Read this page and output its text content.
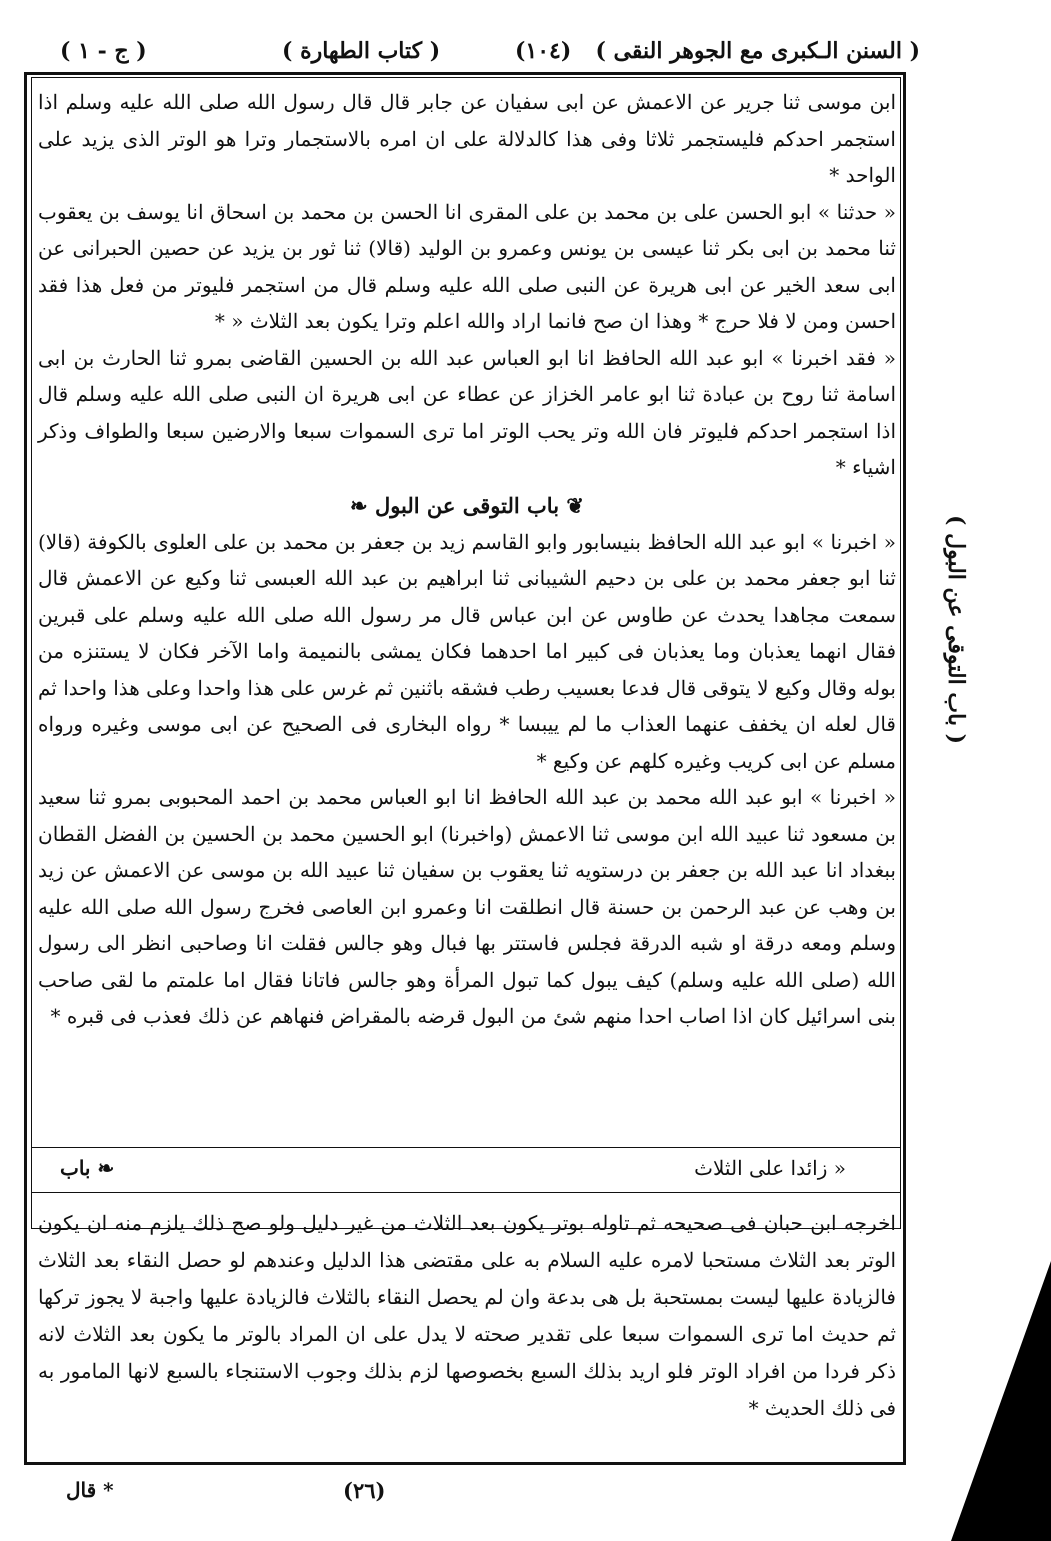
( السنن الـكبرى مع الجوهر النقى )
(١٠٤)
( كتاب الطهارة )
( ج - ١ )

ابن موسى ثنا جرير عن الاعمش عن ابى سفيان عن جابر قال قال رسول الله صلى الله عليه وسلم اذا استجمر احدكم فليستجمر ثلاثا وفى هذا كالدلالة على ان امره بالاستجمار وترا هو الوتر الذى يزيد على الواحد *

« حدثنا » ابو الحسن على بن محمد بن على المقرى انا الحسن بن محمد بن اسحاق انا يوسف بن يعقوب ثنا محمد بن ابى بكر ثنا عيسى بن يونس وعمرو بن الوليد (قالا) ثنا ثور بن يزيد عن حصين الحبرانى عن ابى سعد الخير عن ابى هريرة عن النبى صلى الله عليه وسلم قال من استجمر فليوتر من فعل هذا فقد احسن ومن لا فلا حرج * وهذا ان صح فانما اراد والله اعلم وترا يكون بعد الثلاث « *

« فقد اخبرنا » ابو عبد الله الحافظ انا ابو العباس عبد الله بن الحسين القاضى بمرو ثنا الحارث بن ابى اسامة ثنا روح بن عبادة ثنا ابو عامر الخزاز عن عطاء عن ابى هريرة ان النبى صلى الله عليه وسلم قال اذا استجمر احدكم فليوتر فان الله وتر يحب الوتر اما ترى السموات سبعا والارضين سبعا والطواف وذكر اشياء *

❦ باب التوقى عن البول ❧

« اخبرنا » ابو عبد الله الحافظ بنيسابور وابو القاسم زيد بن جعفر بن محمد بن على العلوى بالكوفة (قالا) ثنا ابو جعفر محمد بن على بن دحيم الشيبانى ثنا ابراهيم بن عبد الله العبسى ثنا وكيع عن الاعمش قال سمعت مجاهدا يحدث عن طاوس عن ابن عباس قال مر رسول الله صلى الله عليه وسلم على قبرين فقال انهما يعذبان وما يعذبان فى كبير اما احدهما فكان يمشى بالنميمة واما الآخر فكان لا يستنزه من بوله وقال وكيع لا يتوقى قال فدعا بعسيب رطب فشقه باثنين ثم غرس على هذا واحدا وعلى هذا واحدا ثم قال لعله ان يخفف عنهما العذاب ما لم ييبسا * رواه البخارى فى الصحيح عن ابى موسى وغيره ورواه مسلم عن ابى كريب وغيره كلهم عن وكيع *

« اخبرنا » ابو عبد الله محمد بن عبد الله الحافظ انا ابو العباس محمد بن احمد المحبوبى بمرو ثنا سعيد بن مسعود ثنا عبيد الله ابن موسى ثنا الاعمش (واخبرنا) ابو الحسين محمد بن الحسين بن الفضل القطان ببغداد انا عبد الله بن جعفر بن درستويه ثنا يعقوب بن سفيان ثنا عبيد الله بن موسى عن الاعمش عن زيد بن وهب عن عبد الرحمن بن حسنة قال انطلقت انا وعمرو ابن العاصى فخرج رسول الله صلى الله عليه وسلم ومعه درقة او شبه الدرقة فجلس فاستتر بها فبال وهو جالس فقلت انا وصاحبى انظر الى رسول الله (صلى الله عليه وسلم) كيف يبول كما تبول المرأة وهو جالس فاتانا فقال اما علمتم ما لقى صاحب بنى اسرائيل كان اذا اصاب احدا منهم شئ من البول قرضه بالمقراض فنهاهم عن ذلك فعذب فى قبره *

❧ باب	« زائدا على الثلاث

اخرجه ابن حبان فى صحيحه ثم تاوله بوتر يكون بعد الثلاث من غير دليل ولو صح ذلك يلزم منه ان يكون الوتر بعد الثلاث مستحبا لامره عليه السلام به على مقتضى هذا الدليل وعندهم لو حصل النقاء بعد الثلاث فالزيادة عليها ليست بمستحبة بل هى بدعة وان لم يحصل النقاء بالثلاث فالزيادة عليها واجبة لا يجوز تركها ثم حديث اما ترى السموات سبعا على تقدير صحته لا يدل على ان المراد بالوتر ما يكون بعد الثلاث لانه ذكر فردا من افراد الوتر فلو اريد بذلك السبع بخصوصها لزم بذلك وجوب الاستنجاء بالسبع لانها المامور به فى ذلك الحديث *

( باب التوقى عن البول )
(٢٦)
* قال
